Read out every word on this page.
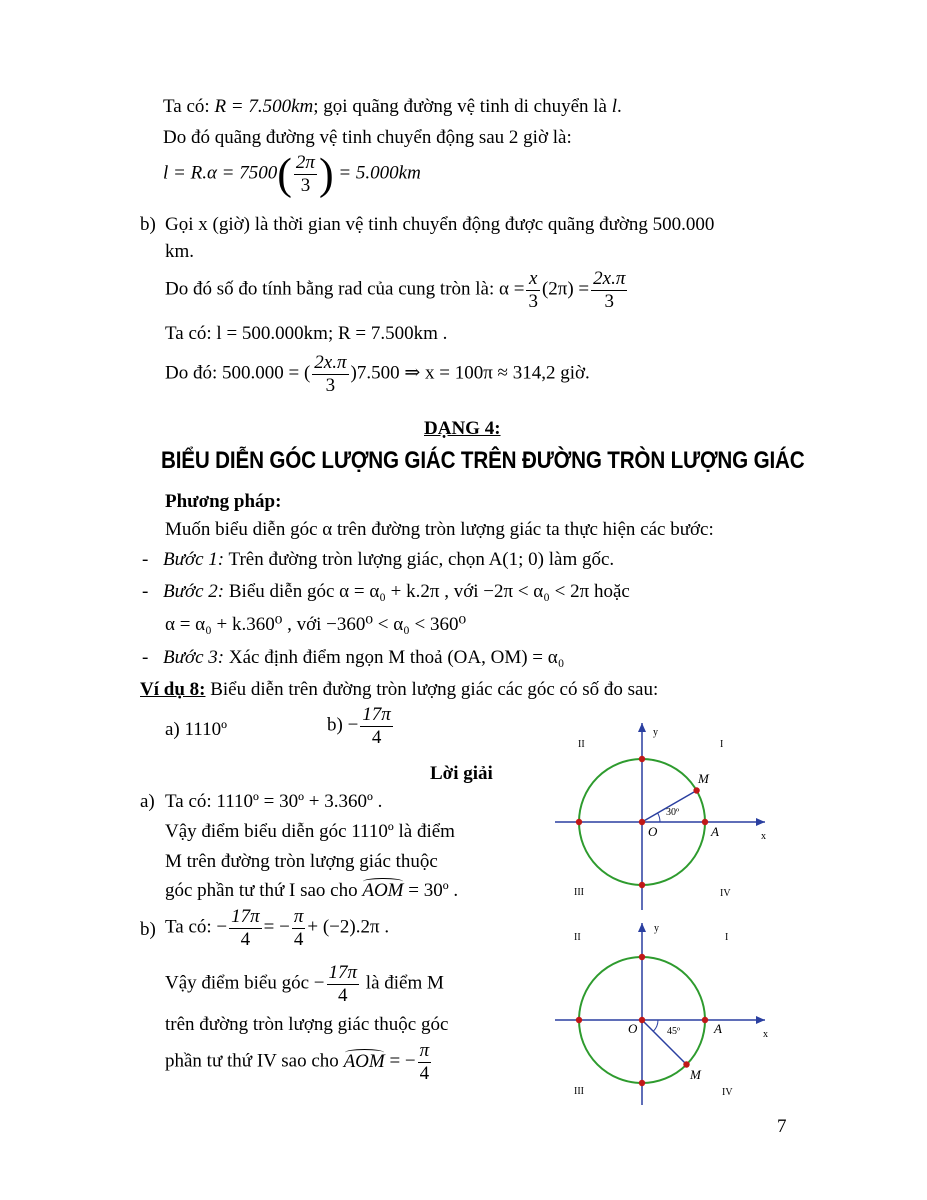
Ta có: R = 7.500km; gọi quãng đường vệ tinh di chuyển là l.
Do đó quãng đường vệ tinh chuyển động sau 2 giờ là:
$l = R.\alpha = 7500( \frac{2\pi}{3}$ ) = 5.000km
b) Gọi x (giờ) là thời gian vệ tinh chuyển động được quãng đường 500.000
km.
Do đó số đo tính bằng rad của cung tròn là: $\alpha = \frac{x}{3} (2\pi) = \frac{2x.\pi}{3}$
Ta có: l = 500.000km; R = 7.500km .
Do đó: 500.000 = ( $\frac{2x.\pi}{3} )7.500$ ⇒ x = 100π ≈ 314,2 giờ.
DẠNG 4:
BIỂU DIỄN GÓC LƯỢNG GIÁC TRÊN ĐƯỜNG TRÒN LƯỢNG GIÁC
Phương pháp:
Muốn biểu diễn góc α trên đường tròn lượng giác ta thực hiện các bước:
- Bước 1: Trên đường tròn lượng giác, chọn A(1; 0) làm gốc.
- Bước 2: Biểu diễn góc α = α₀ + k.2π , với −2π < α₀ < 2π hoặc
α = α₀ + k.360⁰ , với −360⁰ < α₀ < 360⁰
- Bước 3: Xác định điểm ngọn M thoả (OA, OM) = α₀
Ví dụ 8: Biểu diễn trên đường tròn lượng giác các góc có số đo sau:
a) 1110º	$b) - \frac{17\pi}{4}$
Lời giải
a) Ta có: 1110º = 30º + 3.360º .
Vậy điểm biểu diễn góc 1110º là điểm
M trên đường tròn lượng giác thuộc
góc phần tư thứ I sao cho AOM = 30º .
b) Ta có: − $\frac{17\pi}{4}$ = − $\frac{\pi}{4} + (-2).2\pi$ .
Vậy điểm biểu góc − $\frac{17\pi}{4}$ là điểm M
trên đường tròn lượng giác thuộc góc
phần tư thứ IV sao cho AOM = − $\frac{\pi}{4}$
II	I
III	IV
y
x
O	A
M
30º
II	I
III	IV
y
x
O	A
M
45º
7
